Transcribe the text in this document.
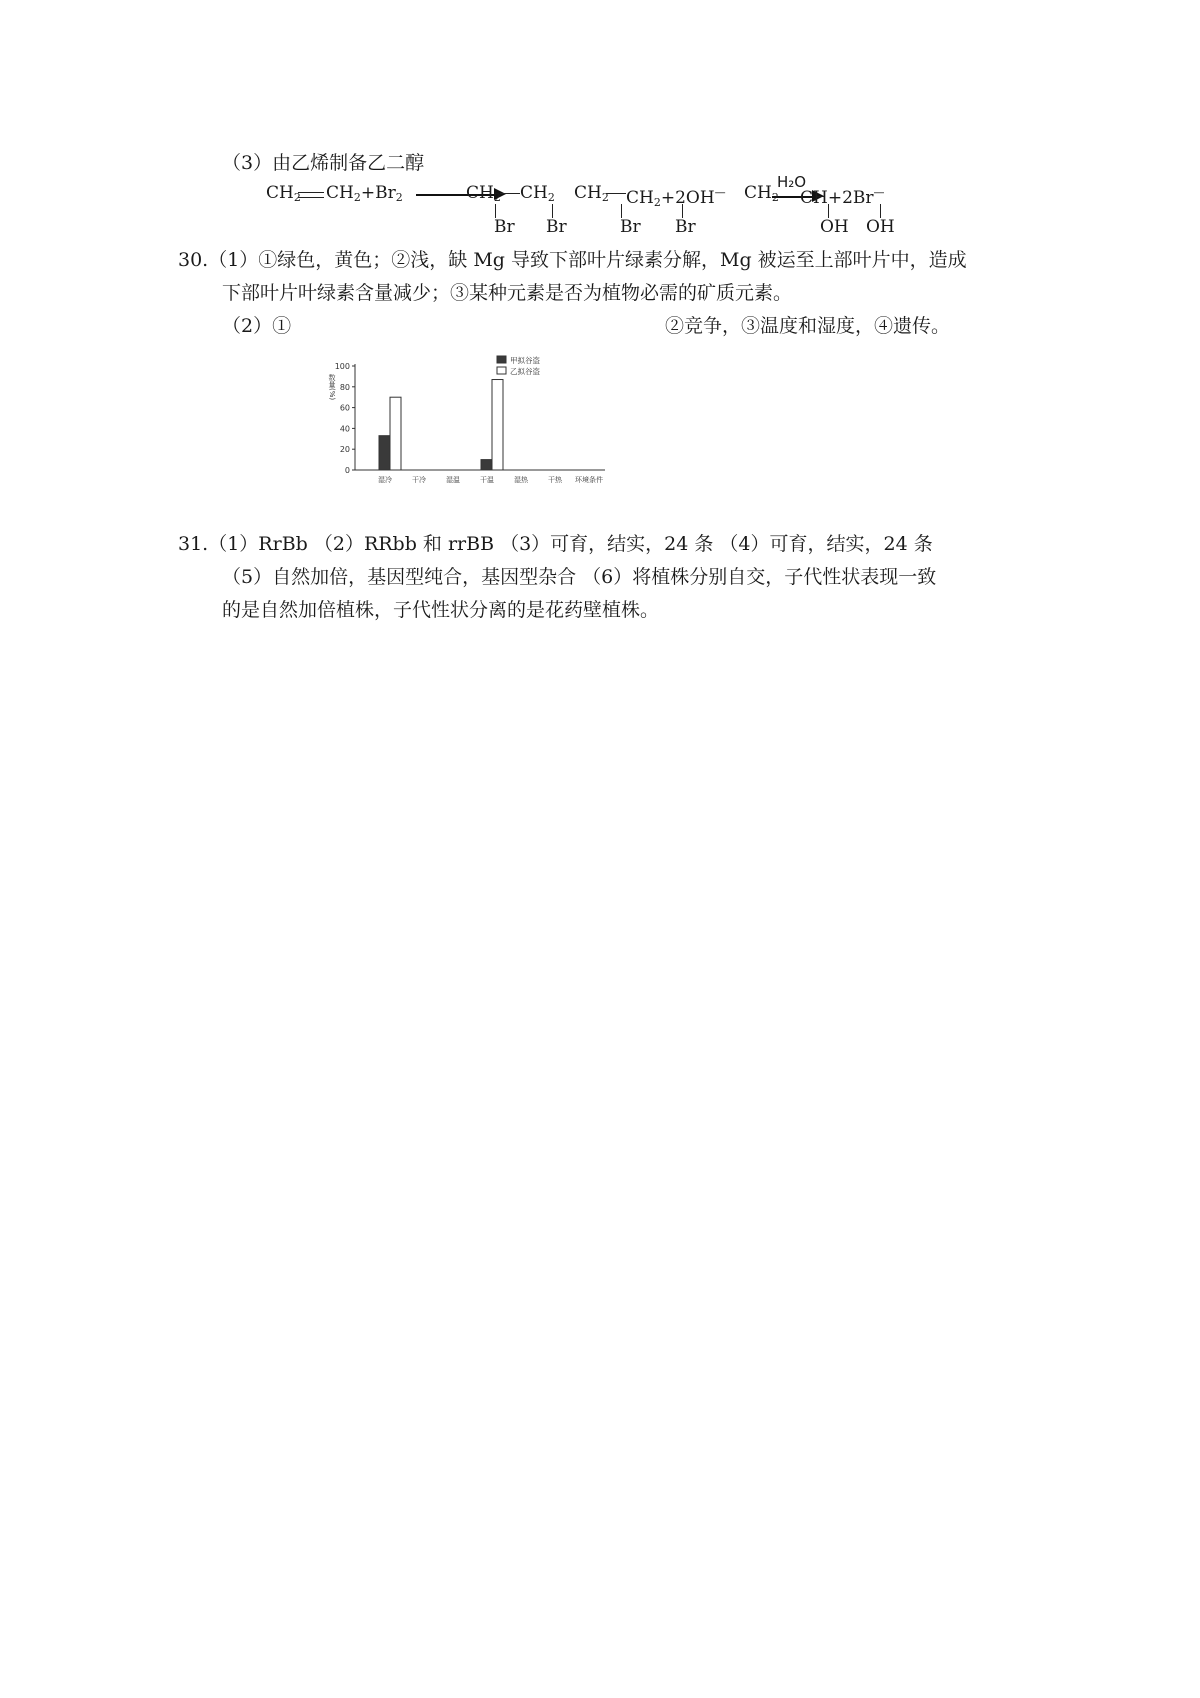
（3）由乙烯制备乙二醇
$CH_2$ $CH_2+Br_2$	$CH_2$ $CH_2$
Br Br
$CH_2$ $CH_2+2OH^—$
Br Br
H₂O
$CH_2$ CH+2Br—
OH OH
30.（1）①绿色，黄色；②浅，缺 Mg 导致下部叶片绿素分解，Mg 被运至上部叶片中，造成
下部叶片叶绿素含量减少；③某种元素是否为植物必需的矿质元素。
（2）①	②竞争，③温度和湿度，④遗传。
数量(%)
0
20
40
60
80
100
湿冷	干冷	湿温	干温	湿热	干热 环境条件
甲拟谷盗
乙拟谷盗
31.（1）RrBb （2）RRbb 和 rrBB （3）可育，结实，24 条 （4）可育，结实，24 条
（5）自然加倍，基因型纯合，基因型杂合 （6）将植株分别自交，子代性状表现一致
的是自然加倍植株，子代性状分离的是花药壁植株。
